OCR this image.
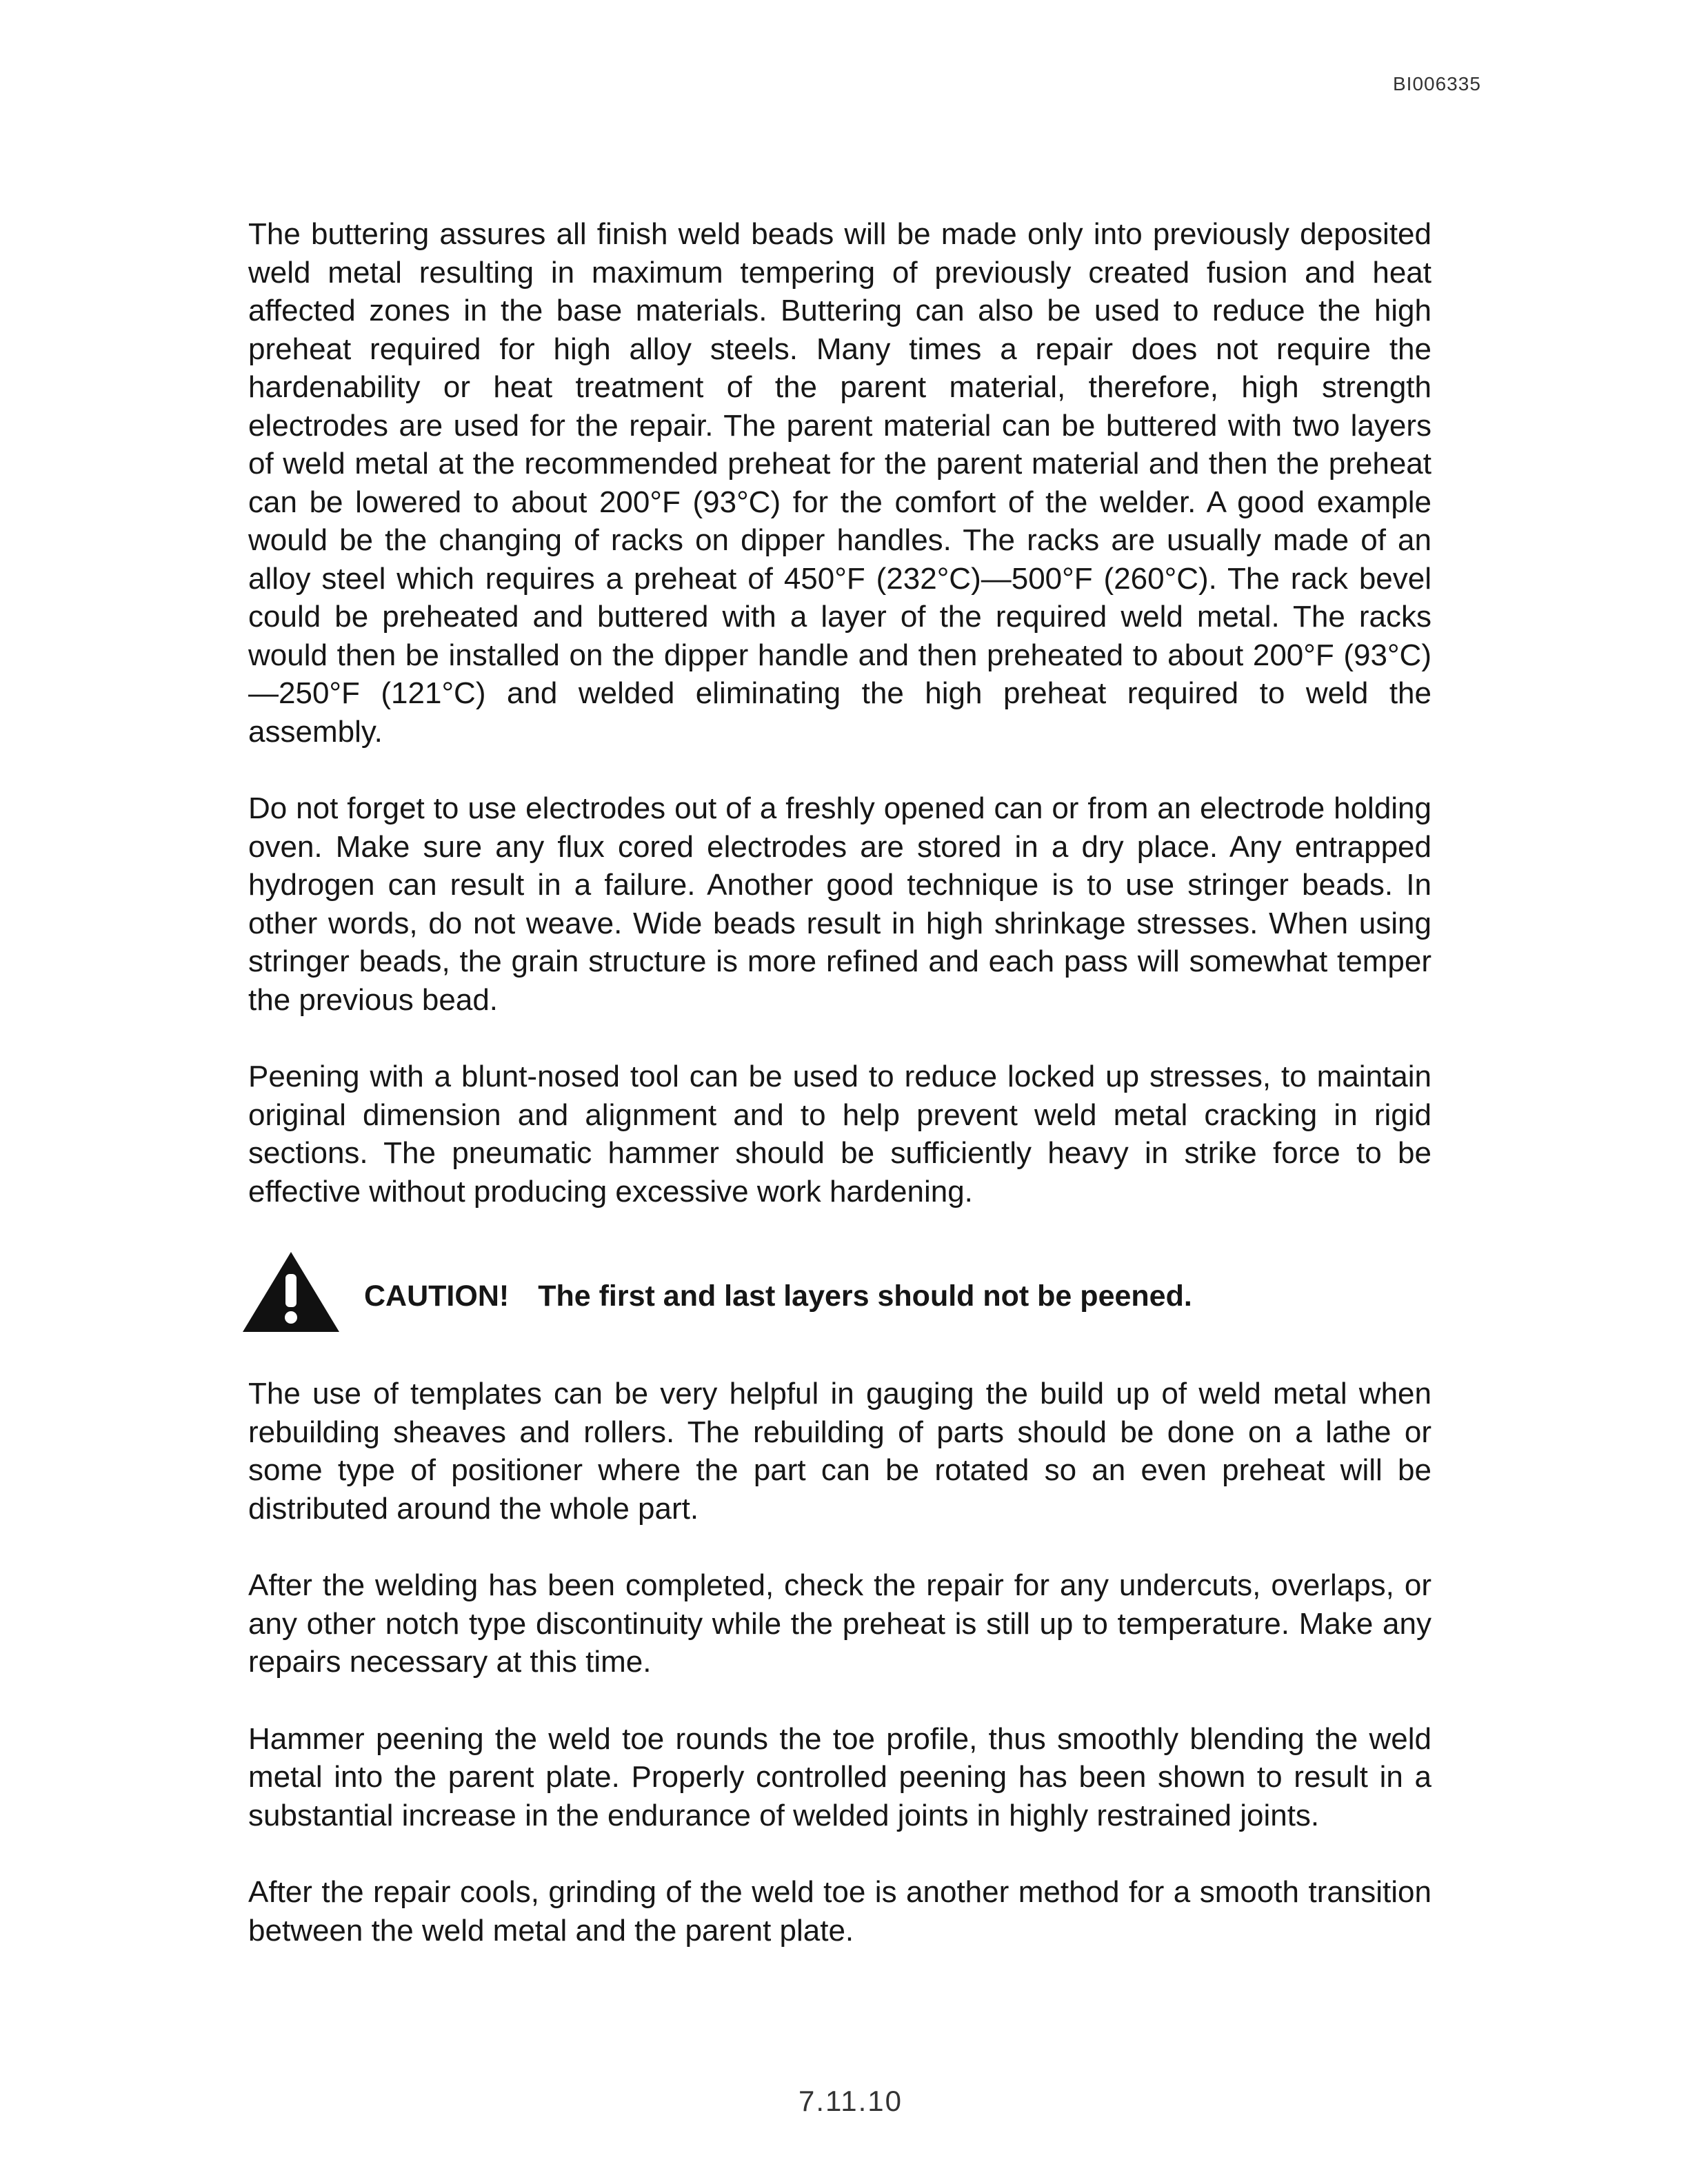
BI006335

The buttering assures all finish weld beads will be made only into previously deposited weld metal resulting in maximum tempering of previously created fusion and heat affected zones in the base materials. Buttering can also be used to reduce the high preheat required for high alloy steels. Many times a repair does not require the hardenability or heat treatment of the parent material, therefore, high strength electrodes are used for the repair. The parent material can be buttered with two layers of weld metal at the recommended preheat for the parent material and then the preheat can be lowered to about 200°F (93°C) for the comfort of the welder. A good example would be the changing of racks on dipper handles. The racks are usually made of an alloy steel which requires a preheat of 450°F (232°C)—500°F (260°C). The rack bevel could be preheated and buttered with a layer of the required weld metal. The racks would then be installed on the dipper handle and then preheated to about 200°F (93°C)—250°F (121°C) and welded eliminating the high preheat required to weld the assembly.

Do not forget to use electrodes out of a freshly opened can or from an electrode holding oven. Make sure any flux cored electrodes are stored in a dry place. Any entrapped hydrogen can result in a failure. Another good technique is to use stringer beads. In other words, do not weave. Wide beads result in high shrinkage stresses. When using stringer beads, the grain structure is more refined and each pass will somewhat temper the previous bead.

Peening with a blunt-nosed tool can be used to reduce locked up stresses, to maintain original dimension and alignment and to help prevent weld metal cracking in rigid sections. The pneumatic hammer should be sufficiently heavy in strike force to be effective without producing excessive work hardening.

CAUTION! The first and last layers should not be peened.

The use of templates can be very helpful in gauging the build up of weld metal when rebuilding sheaves and rollers. The rebuilding of parts should be done on a lathe or some type of positioner where the part can be rotated so an even preheat will be distributed around the whole part.

After the welding has been completed, check the repair for any undercuts, overlaps, or any other notch type discontinuity while the preheat is still up to temperature. Make any repairs necessary at this time.

Hammer peening the weld toe rounds the toe profile, thus smoothly blending the weld metal into the parent plate. Properly controlled peening has been shown to result in a substantial increase in the endurance of welded joints in highly restrained joints.

After the repair cools, grinding of the weld toe is another method for a smooth transition between the weld metal and the parent plate.

7.11.10
